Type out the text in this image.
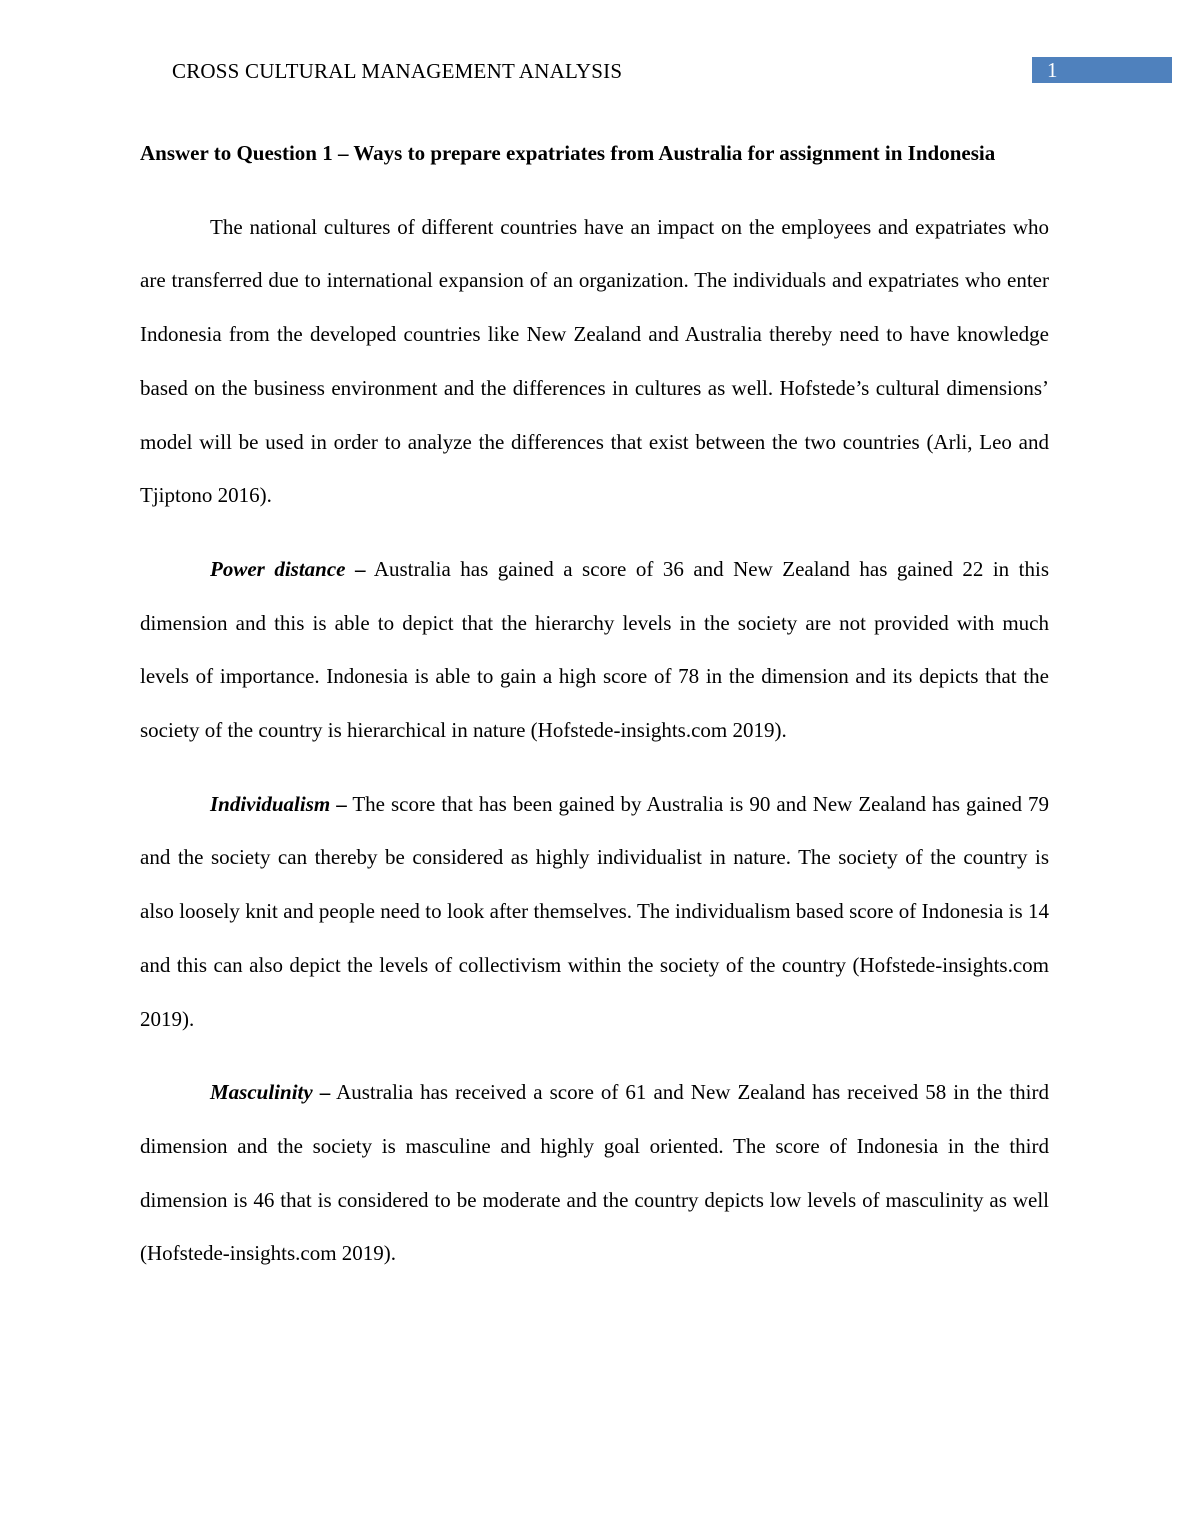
CROSS CULTURAL MANAGEMENT ANALYSIS	1

Answer to Question 1 – Ways to prepare expatriates from Australia for assignment in Indonesia

The national cultures of different countries have an impact on the employees and expatriates who are transferred due to international expansion of an organization. The individuals and expatriates who enter Indonesia from the developed countries like New Zealand and Australia thereby need to have knowledge based on the business environment and the differences in cultures as well. Hofstede’s cultural dimensions’ model will be used in order to analyze the differences that exist between the two countries (Arli, Leo and Tjiptono 2016).

Power distance – Australia has gained a score of 36 and New Zealand has gained 22 in this dimension and this is able to depict that the hierarchy levels in the society are not provided with much levels of importance. Indonesia is able to gain a high score of 78 in the dimension and its depicts that the society of the country is hierarchical in nature (Hofstede-insights.com 2019).

Individualism – The score that has been gained by Australia is 90 and New Zealand has gained 79 and the society can thereby be considered as highly individualist in nature. The society of the country is also loosely knit and people need to look after themselves. The individualism based score of Indonesia is 14 and this can also depict the levels of collectivism within the society of the country (Hofstede-insights.com 2019).

Masculinity – Australia has received a score of 61 and New Zealand has received 58 in the third dimension and the society is masculine and highly goal oriented. The score of Indonesia in the third dimension is 46 that is considered to be moderate and the country depicts low levels of masculinity as well (Hofstede-insights.com 2019).
